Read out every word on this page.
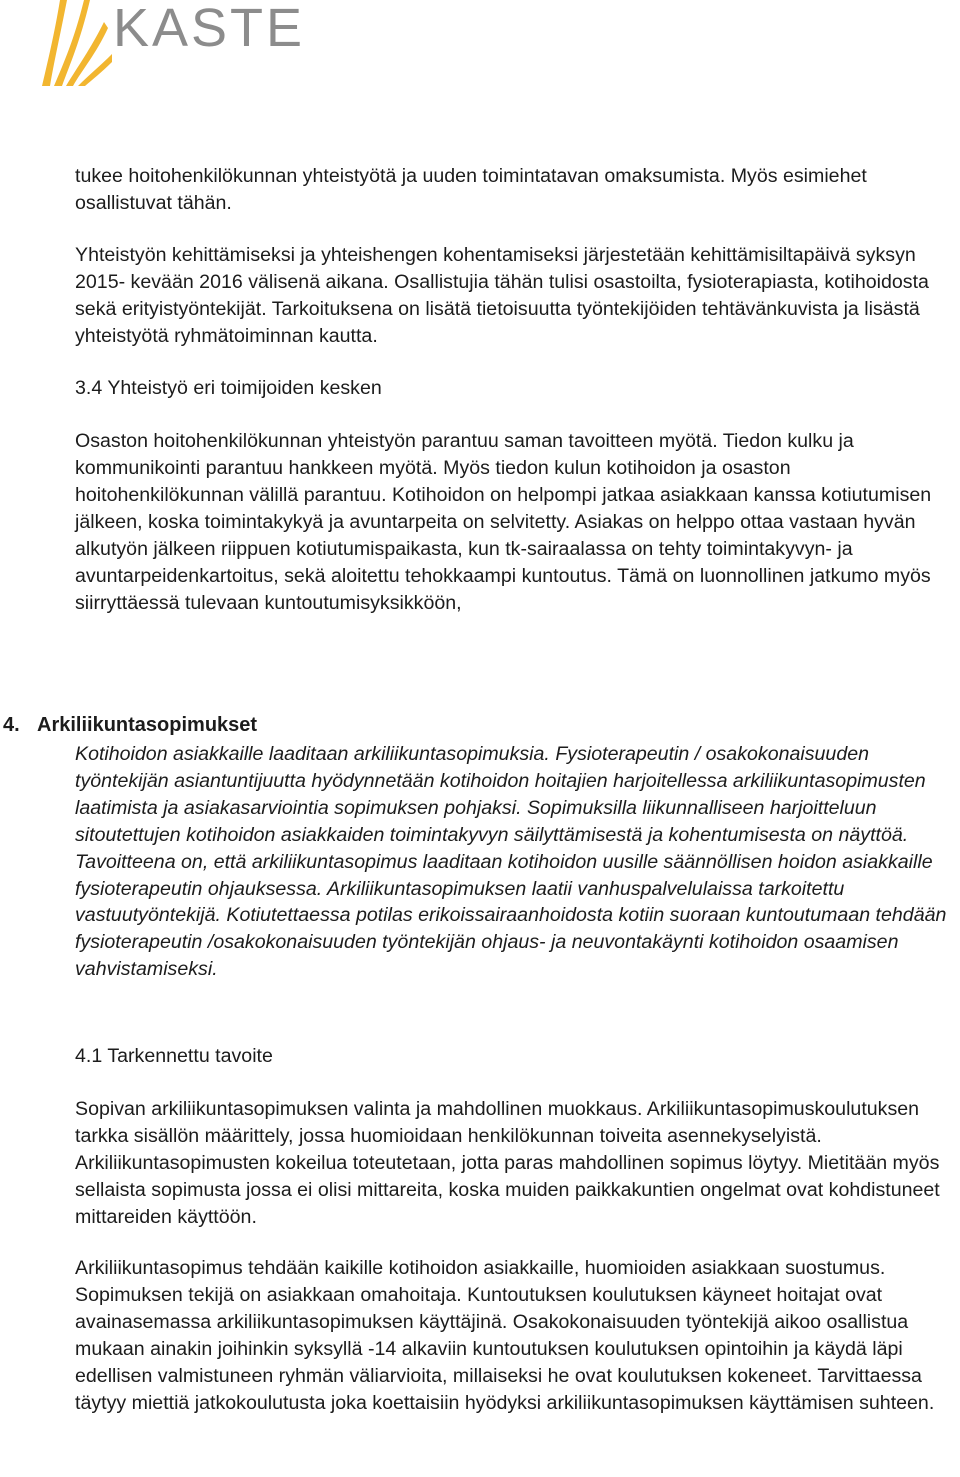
KASTE

tukee hoitohenkilökunnan yhteistyötä ja uuden toimintatavan omaksumista. Myös esimiehet osallistuvat tähän.

Yhteistyön kehittämiseksi ja yhteishengen kohentamiseksi järjestetään kehittämisiltapäivä syksyn 2015- kevään 2016 välisenä aikana. Osallistujia tähän tulisi osastoilta, fysioterapiasta, kotihoidosta sekä erityistyöntekijät. Tarkoituksena on lisätä tietoisuutta työntekijöiden tehtävänkuvista ja lisästä yhteistyötä ryhmätoiminnan kautta.

3.4 Yhteistyö eri toimijoiden kesken

Osaston hoitohenkilökunnan yhteistyön parantuu saman tavoitteen myötä. Tiedon kulku ja kommunikointi parantuu hankkeen myötä. Myös tiedon kulun kotihoidon ja osaston hoitohenkilökunnan välillä parantuu. Kotihoidon on helpompi jatkaa asiakkaan kanssa kotiutumisen jälkeen, koska toimintakykyä ja avuntarpeita on selvitetty. Asiakas on helppo ottaa vastaan hyvän alkutyön jälkeen riippuen kotiutumispaikasta, kun tk-sairaalassa on tehty toimintakyvyn- ja avuntarpeidenkartoitus, sekä aloitettu tehokkaampi kuntoutus. Tämä on luonnollinen jatkumo myös siirryttäessä tulevaan kuntoutumisyksikköön,

4. Arkiliikuntasopimukset
Kotihoidon asiakkaille laaditaan arkiliikuntasopimuksia. Fysioterapeutin / osakokonaisuuden työntekijän asiantuntijuutta hyödynnetään kotihoidon hoitajien harjoitellessa arkiliikuntasopimusten laatimista ja asiakasarviointia sopimuksen pohjaksi. Sopimuksilla liikunnalliseen harjoitteluun sitoutettujen kotihoidon asiakkaiden toimintakyvyn säilyttämisestä ja kohentumisesta on näyttöä. Tavoitteena on, että arkiliikuntasopimus laaditaan kotihoidon uusille säännöllisen hoidon asiakkaille fysioterapeutin ohjauksessa. Arkiliikuntasopimuksen laatii vanhuspalvelulaissa tarkoitettu vastuutyöntekijä. Kotiutettaessa potilas erikoissairaanhoidosta kotiin suoraan kuntoutumaan tehdään fysioterapeutin /osakokonaisuuden työntekijän ohjaus- ja neuvontakäynti kotihoidon osaamisen vahvistamiseksi.

4.1 Tarkennettu tavoite

Sopivan arkiliikuntasopimuksen valinta ja mahdollinen muokkaus. Arkiliikuntasopimuskoulutuksen tarkka sisällön määrittely, jossa huomioidaan henkilökunnan toiveita asennekyselyistä. Arkiliikuntasopimusten kokeilua toteutetaan, jotta paras mahdollinen sopimus löytyy. Mietitään myös sellaista sopimusta jossa ei olisi mittareita, koska muiden paikkakuntien ongelmat ovat kohdistuneet mittareiden käyttöön.

Arkiliikuntasopimus tehdään kaikille kotihoidon asiakkaille, huomioiden asiakkaan suostumus. Sopimuksen tekijä on asiakkaan omahoitaja. Kuntoutuksen koulutuksen käyneet hoitajat ovat avainasemassa arkiliikuntasopimuksen käyttäjinä. Osakokonaisuuden työntekijä aikoo osallistua mukaan ainakin joihinkin syksyllä -14 alkaviin kuntoutuksen koulutuksen opintoihin ja käydä läpi edellisen valmistuneen ryhmän väliarvioita, millaiseksi he ovat koulutuksen kokeneet. Tarvittaessa täytyy miettiä jatkokoulutusta joka koettaisiin hyödyksi arkiliikuntasopimuksen käyttämisen suhteen.
